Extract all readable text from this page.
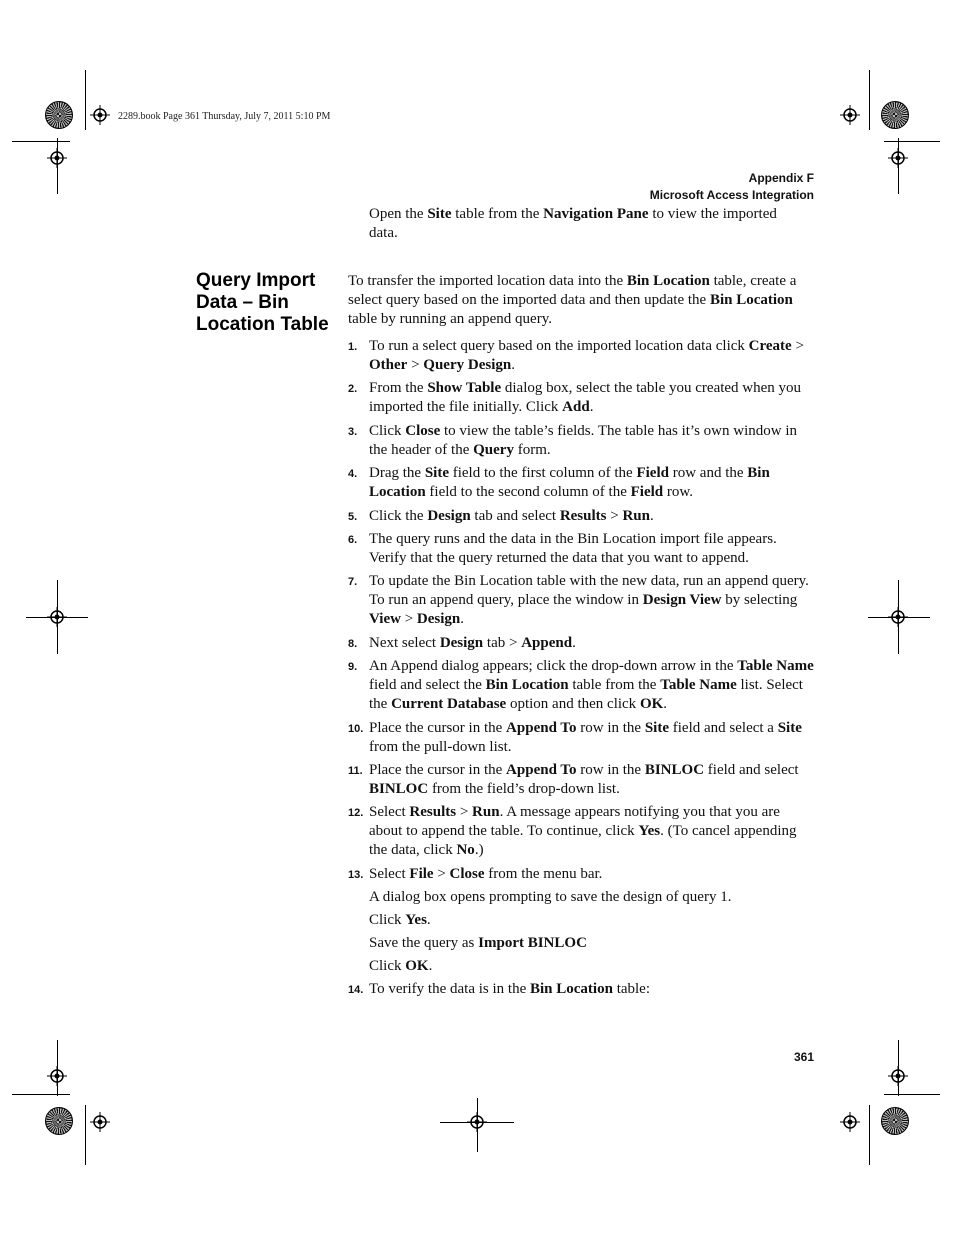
2289.book Page 361 Thursday, July 7, 2011 5:10 PM
Appendix F
Microsoft Access Integration

Open the Site table from the Navigation Pane to view the imported data.

Query Import Data – Bin Location Table

To transfer the imported location data into the Bin Location table, create a select query based on the imported data and then update the Bin Location table by running an append query.

1. To run a select query based on the imported location data click Create > Other > Query Design.

2. From the Show Table dialog box, select the table you created when you imported the file initially. Click Add.

3. Click Close to view the table’s fields. The table has it’s own window in the header of the Query form.

4. Drag the Site field to the first column of the Field row and the Bin Location field to the second column of the Field row.

5. Click the Design tab and select Results > Run.

6. The query runs and the data in the Bin Location import file appears. Verify that the query returned the data that you want to append.

7. To update the Bin Location table with the new data, run an append query. To run an append query, place the window in Design View by selecting View > Design.

8. Next select Design tab > Append.

9. An Append dialog appears; click the drop-down arrow in the Table Name field and select the Bin Location table from the Table Name list. Select the Current Database option and then click OK.

10. Place the cursor in the Append To row in the Site field and select a Site from the pull-down list.

11. Place the cursor in the Append To row in the BINLOC field and select BINLOC from the field’s drop-down list.

12. Select Results > Run. A message appears notifying you that you are about to append the table. To continue, click Yes. (To cancel appending the data, click No.)

13. Select File > Close from the menu bar.

A dialog box opens prompting to save the design of query 1.

Click Yes.

Save the query as Import BINLOC

Click OK.

14. To verify the data is in the Bin Location table:

361
